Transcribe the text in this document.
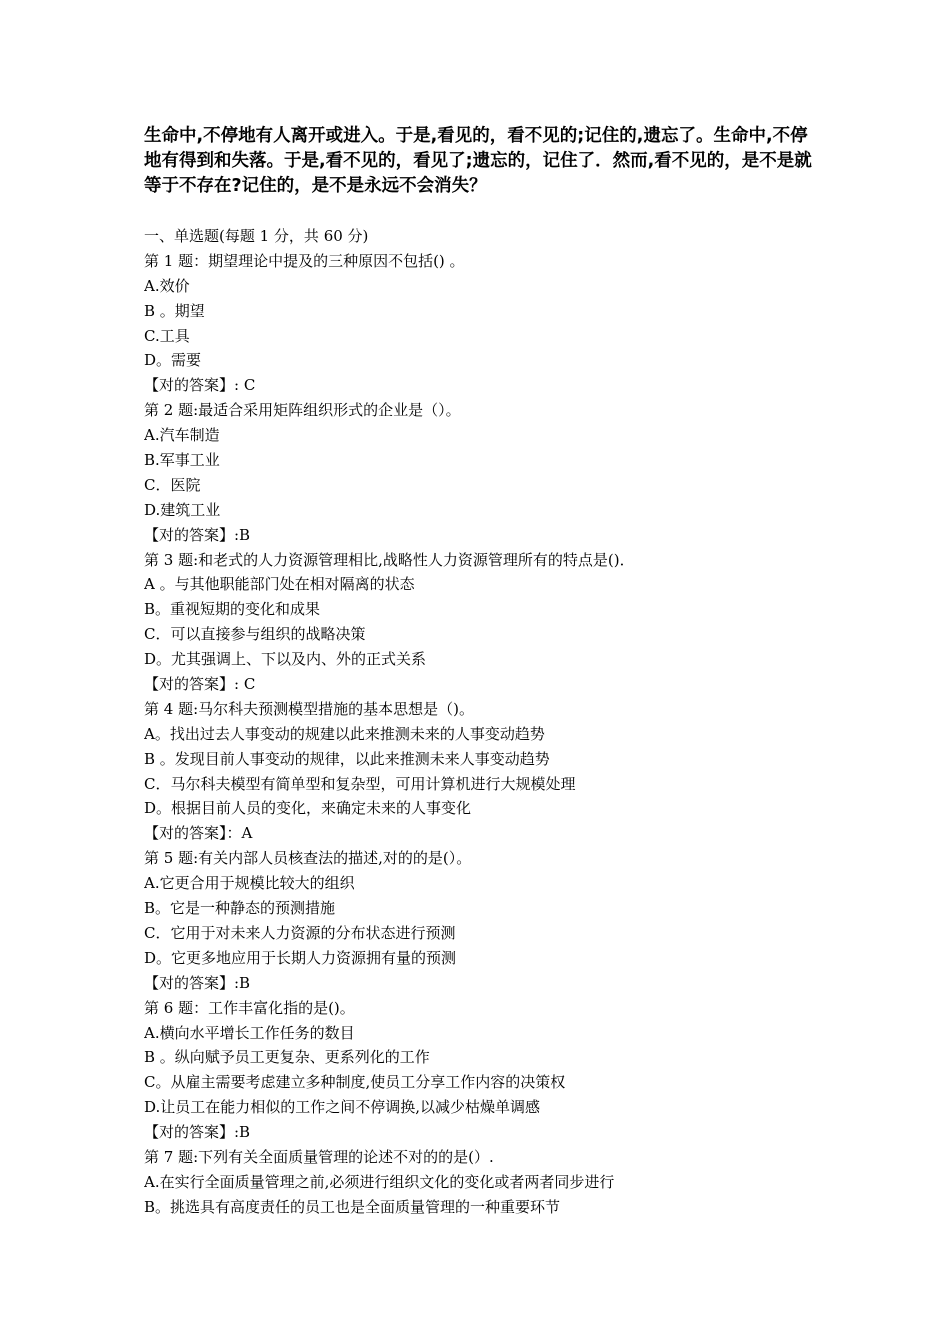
生命中,不停地有人离开或进入。于是,看见的，看不见的;记住的,遗忘了。生命中,不停地有得到和失落。于是,看不见的，看见了;遗忘的，记住了．然而,看不见的，是不是就等于不存在?记住的，是不是永远不会消失？

一、单选题(每题 1 分，共 60 分)
第 1 题：期望理论中提及的三种原因不包括() 。
A.效价
B 。期望
C.工具
D。需要
【对的答案】: C
第 2 题:最适合采用矩阵组织形式的企业是（）。
A.汽车制造
B.军事工业
C．医院
D.建筑工业
【对的答案】:B
第 3 题:和老式的人力资源管理相比,战略性人力资源管理所有的特点是()．
A 。与其他职能部门处在相对隔离的状态
B。重视短期的变化和成果
C．可以直接参与组织的战略决策
D。尤其强调上、下以及内、外的正式关系
【对的答案】: C
第 4 题:马尔科夫预测模型措施的基本思想是（)。
A。找出过去人事变动的规建以此来推测未来的人事变动趋势
B 。发现目前人事变动的规律，以此来推测未来人事变动趋势
C．马尔科夫模型有简单型和复杂型，可用计算机进行大规模处理
D。根据目前人员的变化，来确定未来的人事变化
【对的答案】：A
第 5 题:有关内部人员核查法的描述,对的的是(）。
A.它更合用于规模比较大的组织
B。它是一种静态的预测措施
C．它用于对未来人力资源的分布状态进行预测
D。它更多地应用于长期人力资源拥有量的预测
【对的答案】:B
第 6 题：工作丰富化指的是()。
A.横向水平增长工作任务的数目
B 。纵向赋予员工更复杂、更系列化的工作
C。从雇主需要考虑建立多种制度,使员工分享工作内容的决策权
D.让员工在能力相似的工作之间不停调换,以减少枯燥单调感
【对的答案】:B
第 7 题:下列有关全面质量管理的论述不对的的是(）.
A.在实行全面质量管理之前,必须进行组织文化的变化或者两者同步进行
B。挑选具有高度责任的员工也是全面质量管理的一种重要环节
